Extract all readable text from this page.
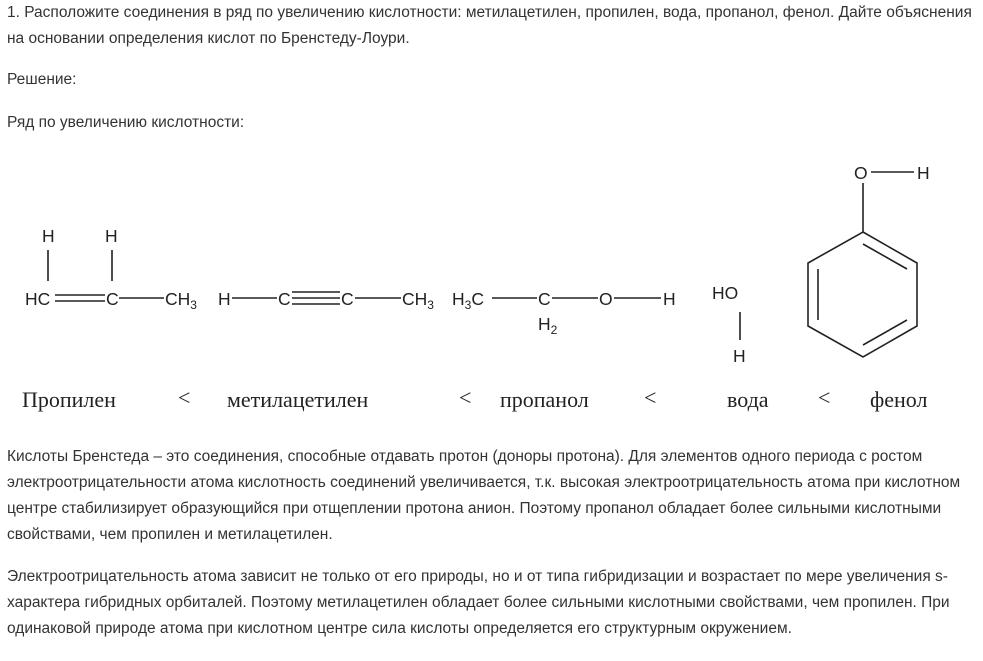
1. Расположите соединения в ряд по увеличению кислотности: метилацетилен, пропилен, вода, пропанол, фенол. Дайте объяснения на основании определения кислот по Бренстеду-Лоури.

Решение:

Ряд по увеличению кислотности:

H	H
HC	C	$CH_3$ H	C	C	$CH_3$ $H_3C$	C
$H_2$
O	H HO
H
O	H
Пропилен	< метилацетилен	< пропанол	<	вода < фенол

Кислоты Бренстеда – это соединения, способные отдавать протон (доноры протона). Для элементов одного периода с ростом электроотрицательности атома кислотность соединений увеличивается, т.к. высокая электроотрицательность атома при кислотном центре стабилизирует образующийся при отщеплении протона анион. Поэтому пропанол обладает более сильными кислотными свойствами, чем пропилен и метилацетилен.

Электроотрицательность атома зависит не только от его природы, но и от типа гибридизации и возрастает по мере увеличения s-характера гибридных орбиталей. Поэтому метилацетилен обладает более сильными кислотными свойствами, чем пропилен. При одинаковой природе атома при кислотном центре сила кислоты определяется его структурным окружением.
